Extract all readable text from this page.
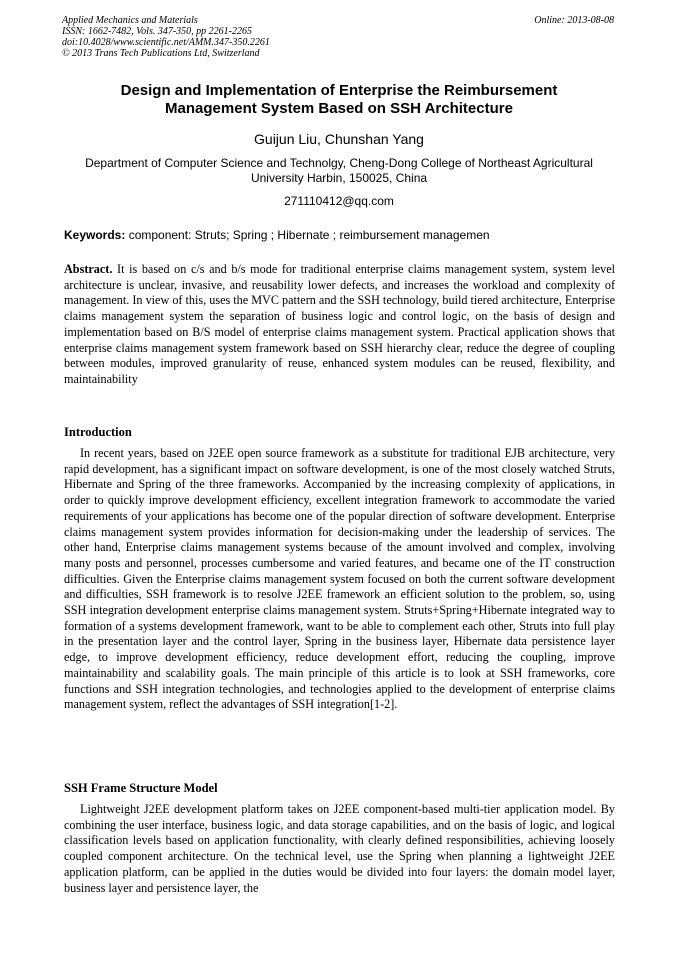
Applied Mechanics and Materials
ISSN: 1662-7482, Vols. 347-350, pp 2261-2265
doi:10.4028/www.scientific.net/AMM.347-350.2261
© 2013 Trans Tech Publications Ltd, Switzerland
Online: 2013-08-08
Design and Implementation of Enterprise the Reimbursement
Management System Based on SSH Architecture
Guijun Liu, Chunshan Yang
Department of Computer Science and Technolgy, Cheng-Dong College of Northeast Agricultural
University Harbin, 150025, China
271110412@qq.com
Keywords: component: Struts; Spring ; Hibernate ; reimbursement managemen
Abstract. It is based on c/s and b/s mode for traditional enterprise claims management system, system level architecture is unclear, invasive, and reusability lower defects, and increases the workload and complexity of management. In view of this, uses the MVC pattern and the SSH technology, build tiered architecture, Enterprise claims management system the separation of business logic and control logic, on the basis of design and implementation based on B/S model of enterprise claims management system. Practical application shows that enterprise claims management system framework based on SSH hierarchy clear, reduce the degree of coupling between modules, improved granularity of reuse, enhanced system modules can be reused, flexibility, and maintainability
Introduction
In recent years, based on J2EE open source framework as a substitute for traditional EJB architecture, very rapid development, has a significant impact on software development, is one of the most closely watched Struts, Hibernate and Spring of the three frameworks. Accompanied by the increasing complexity of applications, in order to quickly improve development efficiency, excellent integration framework to accommodate the varied requirements of your applications has become one of the popular direction of software development. Enterprise claims management system provides information for decision-making under the leadership of services. The other hand, Enterprise claims management systems because of the amount involved and complex, involving many posts and personnel, processes cumbersome and varied features, and became one of the IT construction difficulties. Given the Enterprise claims management system focused on both the current software development and difficulties, SSH framework is to resolve J2EE framework an efficient solution to the problem, so, using SSH integration development enterprise claims management system. Struts+Spring+Hibernate integrated way to formation of a systems development framework, want to be able to complement each other, Struts into full play in the presentation layer and the control layer, Spring in the business layer, Hibernate data persistence layer edge, to improve development efficiency, reduce development effort, reducing the coupling, improve maintainability and scalability goals. The main principle of this article is to look at SSH frameworks, core functions and SSH integration technologies, and technologies applied to the development of enterprise claims management system, reflect the advantages of SSH integration[1-2].
SSH Frame Structure Model
Lightweight J2EE development platform takes on J2EE component-based multi-tier application model. By combining the user interface, business logic, and data storage capabilities, and on the basis of logic, and logical classification levels based on application functionality, with clearly defined responsibilities, achieving loosely coupled component architecture. On the technical level, use the Spring when planning a lightweight J2EE application platform, can be applied in the duties would be divided into four layers: the domain model layer, business layer and persistence layer, the
